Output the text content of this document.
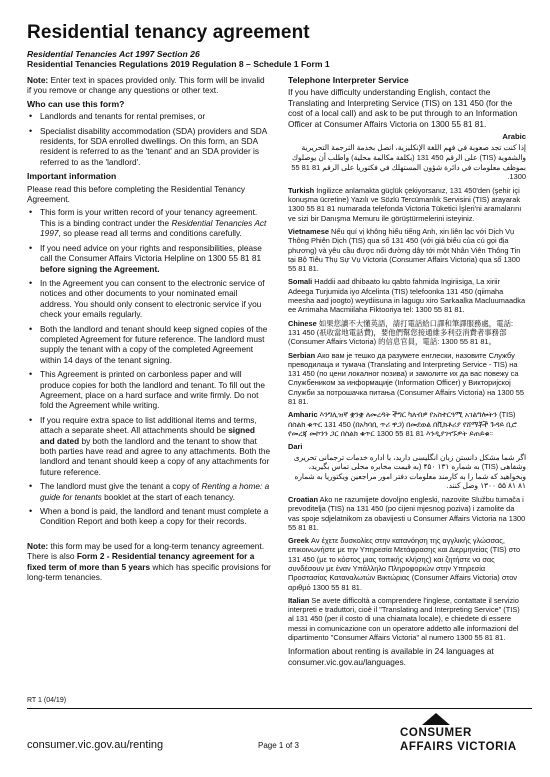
Residential tenancy agreement
Residential Tenancies Act 1997 Section 26
Residential Tenancies Regulations 2019 Regulation 8 – Schedule 1 Form 1
Note: Enter text in spaces provided only. This form will be invalid if you remove or change any questions or other text.
Who can use this form?
• Landlords and tenants for rental premises, or
• Specialist disability accommodation (SDA) providers and SDA residents, for SDA enrolled dwellings. On this form, an SDA resident is referred to as the 'tenant' and an SDA provider is referred to as the 'landlord'.
Important information
Please read this before completing the Residential Tenancy Agreement.
• This form is your written record of your tenancy agreement. This is a binding contract under the Residential Tenancies Act 1997, so please read all terms and conditions carefully.
• If you need advice on your rights and responsibilities, please call the Consumer Affairs Victoria Helpline on 1300 55 81 81 before signing the Agreement.
• In the Agreement you can consent to the electronic service of notices and other documents to your nominated email address. You should only consent to electronic service if you check your emails regularly.
• Both the landlord and tenant should keep signed copies of the completed Agreement for future reference. The landlord must supply the tenant with a copy of the completed Agreement within 14 days of the tenant signing.
• This Agreement is printed on carbonless paper and will produce copies for both the landlord and tenant. To fill out the Agreement, place on a hard surface and write firmly. Do not fold the Agreement while writing.
• If you require extra space to list additional items and terms, attach a separate sheet. All attachments should be signed and dated by both the landlord and the tenant to show that both parties have read and agree to any attachments. Both the landlord and tenant should keep a copy of any attachments for future reference.
• The landlord must give the tenant a copy of Renting a home: a guide for tenants booklet at the start of each tenancy.
• When a bond is paid, the landlord and tenant must complete a Condition Report and both keep a copy for their records.
Note: this form may be used for a long-term tenancy agreement. There is also Form 2 - Residential tenancy agreement for a fixed term of more than 5 years which has specific provisions for long-term tenancies.
Telephone Interpreter Service
If you have difficulty understanding English, contact the Translating and Interpreting Service (TIS) on 131 450 (for the cost of a local call) and ask to be put through to an Information Officer at Consumer Affairs Victoria on 1300 55 81 81.
Arabic
إذا كنت تجد صعوبة في فهم اللغة الإنكليزية، اتصل بخدمة الترجمة التحريرية والشفوية (TIS) على الرقم 450 131 (بكلفة مكالمة محلية) واطلب أن يوصلوك بموظف معلومات في دائرة شؤون المستهلك في فكتوريا على الرقم 81 81 55 1300.
Turkish İngilizce anlamakta güçlük çekiyorsanız, 131 450'den (şehir içi konuşma ücretine) Yazılı ve Sözlü Tercümanlık Servisini (TIS) arayarak 1300 55 81 81 numarada telefonda Victoria Tüketici İşleri'ni aramalarını ve sizi bir Danışma Memuru ile görüştürmelerini isteyiniz.
Vietnamese Nếu quí vị không hiểu tiếng Anh, xin liên lạc với Dịch Vụ Thông Phiên Dịch (TIS) qua số 131 450 (với giá biểu của cú gọi địa phương) và yêu cầu được nối đường dây tới một Nhân Viên Thông Tin tại Bộ Tiêu Thụ Sự Vụ Victoria (Consumer Affairs Victoria) qua số 1300 55 81 81.
Somali Haddii aad dhibaato ku qabto fahmida Ingiriisiga, La xiriir Adeega Turjumida iyo Afcelinta (TIS) telefoonka 131 450 (qiimaha meesha aad joogto) weydiisuna in lagugu xiro Sarkaalka Macluumaadka ee Arrimaha Macmiilaha Fiktooriya tel: 1300 55 81 81.
Chinese 如果您讀不大懂英語，請打電話給口譯和筆譯服務處，電話: 131 450 (祇收當地電話費)，要他們幫您接通維多利亞消費者事務部 (Consumer Affairs Victoria) 的信息官員，電話: 1300 55 81 81。
Serbian Ако вам је тешко да разумете енглески, назовите Службу преводилаца и тумача (Translating and Interpreting Service - TIS) на 131 450 (по цени локалног позива) и замолите их да вас повежу са Службеником за информације (Information Officer) у Викторијској Служби за потрошачка питања (Consumer Affairs Victoria) на 1300 55 81 81.
Amharic እንግሊዝኛ ቋንቋ ለመረዳት ችግር ካለብዎ የአስተርጓሚ አገልግሎትን (TIS) በስልክ ቁጥር 131 450 (በአካባቢ ጥሪ ዋጋ) በመደወል በቪክቶሪያ የሸማቾች ጉዳይ ቢሮ የመረጃ መኮንን ጋር በስልክ ቁጥር 1300 55 81 81 እንዲያገናኙዎት ይጠይቁ።
Dari
اگر شما مشکل دانستن زبان انگلیسی دارید، با اداره خدمات ترجمانی تحریری وشفاهی (TIS) به شماره ۱۳۱ ۴۵۰ (به قیمت مخابره محلی تماس بگیرید، وبخواهید که شما را به کارمند معلومات دفتر امور مراجعین ویکتوریا به شماره ۸۱ ۸۱ ۵۵ ۱۳۰۰ وصل کنند.
Croatian Ako ne razumijete dovoljno engleski, nazovite Službu tumača i prevoditelja (TIS) na 131 450 (po cijeni mjesnog poziva) i zamolite da vas spoje sdjelatnikom za obavijesti u Consumer Affairs Victoria na 1300 55 81 81.
Greek Αν έχετε δυσκολίες στην κατανόηση της αγγλικής γλώσσας, επικοινωνήστε με την Υπηρεσία Μετάφρασης και Διερμηνείας (TIS) στο 131 450 (με το κόστος μιας τοπικής κλήσης) και ζητήστε να σας συνδέσουν με έναν Υπάλληλο Πληροφοριών στην Υπηρεσία Προστασίας Καταναλωτών Βικτώριας (Consumer Affairs Victoria) στον αριθμό 1300 55 81 81.
Italian Se avete difficoltà a comprendere l'inglese, contattate il servizio interpreti e traduttori, cioè il "Translating and Interpreting Service" (TIS) al 131 450 (per il costo di una chiamata locale), e chiedete di essere messi in comunicazione con un operatore addetto alle informazioni del dipartimento "Consumer Affairs Victoria" al numero 1300 55 81 81.
Information about renting is available in 24 languages at consumer.vic.gov.au/languages.
RT 1 (04/19)
consumer.vic.gov.au/renting	Page 1 of 3
CONSUMER
AFFAIRS VICTORIA
